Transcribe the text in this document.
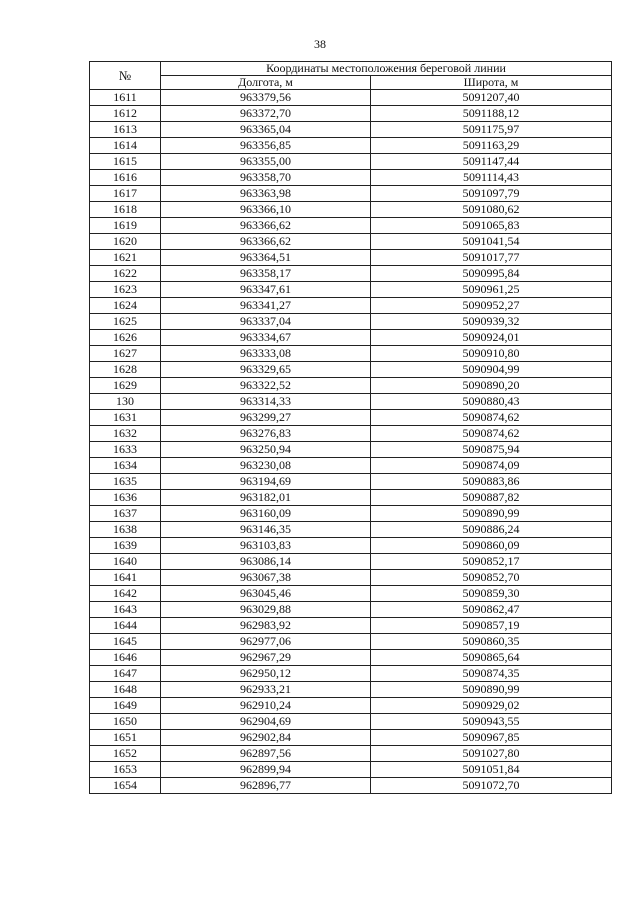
38
№	Координаты местоположения береговой линии	
	Долгота, м	Широта, м
1611	963379,56	5091207,40
1612	963372,70	5091188,12
1613	963365,04	5091175,97
1614	963356,85	5091163,29
1615	963355,00	5091147,44
1616	963358,70	5091114,43
1617	963363,98	5091097,79
1618	963366,10	5091080,62
1619	963366,62	5091065,83
1620	963366,62	5091041,54
1621	963364,51	5091017,77
1622	963358,17	5090995,84
1623	963347,61	5090961,25
1624	963341,27	5090952,27
1625	963337,04	5090939,32
1626	963334,67	5090924,01
1627	963333,08	5090910,80
1628	963329,65	5090904,99
1629	963322,52	5090890,20
130	963314,33	5090880,43
1631	963299,27	5090874,62
1632	963276,83	5090874,62
1633	963250,94	5090875,94
1634	963230,08	5090874,09
1635	963194,69	5090883,86
1636	963182,01	5090887,82
1637	963160,09	5090890,99
1638	963146,35	5090886,24
1639	963103,83	5090860,09
1640	963086,14	5090852,17
1641	963067,38	5090852,70
1642	963045,46	5090859,30
1643	963029,88	5090862,47
1644	962983,92	5090857,19
1645	962977,06	5090860,35
1646	962967,29	5090865,64
1647	962950,12	5090874,35
1648	962933,21	5090890,99
1649	962910,24	5090929,02
1650	962904,69	5090943,55
1651	962902,84	5090967,85
1652	962897,56	5091027,80
1653	962899,94	5091051,84
1654	962896,77	5091072,70
